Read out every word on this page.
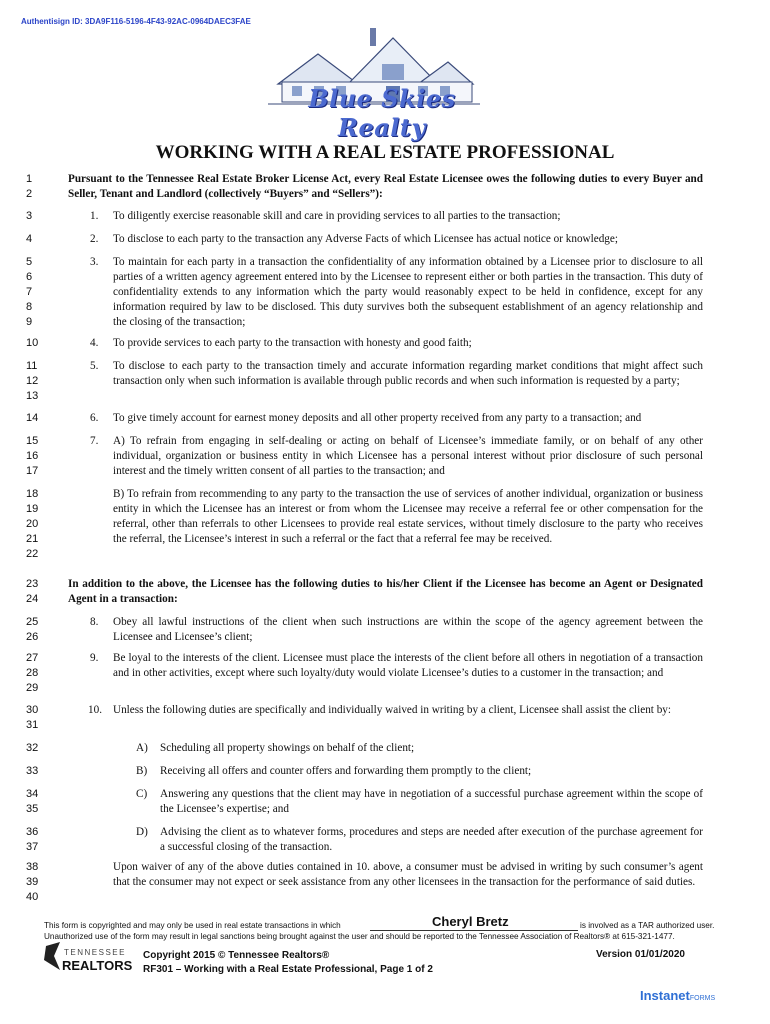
Authentisign ID: 3DA9F116-5196-4F43-92AC-0964DAEC3FAE
Blue Skies Realty
WORKING WITH A REAL ESTATE PROFESSIONAL
1
2
Pursuant to the Tennessee Real Estate Broker License Act, every Real Estate Licensee owes the following duties to every Buyer and Seller, Tenant and Landlord (collectively “Buyers” and “Sellers”):
3	1. To diligently exercise reasonable skill and care in providing services to all parties to the transaction;
4	2. To disclose to each party to the transaction any Adverse Facts of which Licensee has actual notice or knowledge;
5
6
7
8
9
3. To maintain for each party in a transaction the confidentiality of any information obtained by a Licensee prior to disclosure to all parties of a written agency agreement entered into by the Licensee to represent either or both parties in the transaction. This duty of confidentiality extends to any information which the party would reasonably expect to be held in confidence, except for any information required by law to be disclosed. This duty survives both the subsequent establishment of an agency relationship and the closing of the transaction;
10	4. To provide services to each party to the transaction with honesty and good faith;
11
12
13
5. To disclose to each party to the transaction timely and accurate information regarding market conditions that might affect such transaction only when such information is available through public records and when such information is requested by a party;
14	6. To give timely account for earnest money deposits and all other property received from any party to a transaction; and
15
16
17
7. A) To refrain from engaging in self-dealing or acting on behalf of Licensee’s immediate family, or on behalf of any other individual, organization or business entity in which Licensee has a personal interest without prior disclosure of such personal interest and the timely written consent of all parties to the transaction; and
18
19
20
21
22
B) To refrain from recommending to any party to the transaction the use of services of another individual, organization or business entity in which the Licensee has an interest or from whom the Licensee may receive a referral fee or other compensation for the referral, other than referrals to other Licensees to provide real estate services, without timely disclosure to the party who receives the referral, the Licensee’s interest in such a referral or the fact that a referral fee may be received.
23
24
In addition to the above, the Licensee has the following duties to his/her Client if the Licensee has become an Agent or Designated Agent in a transaction:
25
26
8. Obey all lawful instructions of the client when such instructions are within the scope of the agency agreement between the Licensee and Licensee’s client;
27
28
29
9. Be loyal to the interests of the client. Licensee must place the interests of the client before all others in negotiation of a transaction and in other activities, except where such loyalty/duty would violate Licensee’s duties to a customer in the transaction; and
30
31
10. Unless the following duties are specifically and individually waived in writing by a client, Licensee shall assist the client by:
32	A) Scheduling all property showings on behalf of the client;
33	B) Receiving all offers and counter offers and forwarding them promptly to the client;
34
35
C) Answering any questions that the client may have in negotiation of a successful purchase agreement within the scope of the Licensee’s expertise; and
36
37
D) Advising the client as to whatever forms, procedures and steps are needed after execution of the purchase agreement for a successful closing of the transaction.
38
39
40
Upon waiver of any of the above duties contained in 10. above, a consumer must be advised in writing by such consumer’s agent that the consumer may not expect or seek assistance from any other licensees in the transaction for the performance of said duties.
This form is copyrighted and may only be used in real estate transactions in which	Cheryl Bretz	is involved as a TAR authorized user.
Unauthorized use of the form may result in legal sanctions being brought against the user and should be reported to the Tennessee Association of Realtors® at 615-321-1477.
TENNESSEE
REALTORS
Copyright 2015 © Tennessee Realtors®
RF301 – Working with a Real Estate Professional, Page 1 of 2
Version 01/01/2020
InstanetFORMS
